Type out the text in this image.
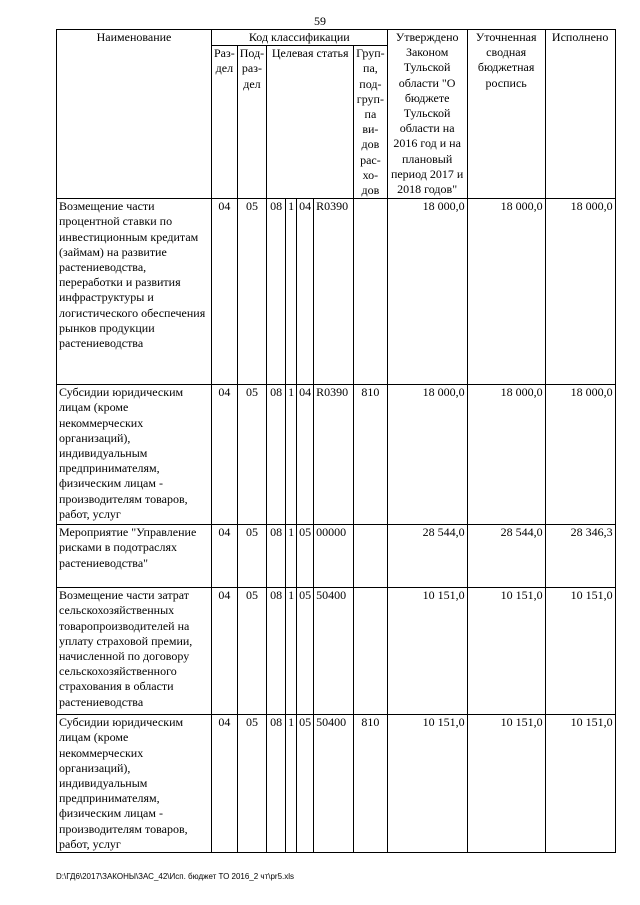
59
Наименование	Код классификации							Утверждено Законом Тульской области "О бюджете Тульской области на 2016 год и на плановый период 2017 и 2018 годов"	Уточненная сводная бюджетная роспись	Исполнено
	Раз- дел	Под- раз- дел	Целевая статья				Груп- па, под- груп- па ви- дов рас- хо- дов			
Возмещение части процентной ставки по инвестиционным кредитам (займам) на развитие растениеводства, переработки и развития инфраструктуры и логистического обеспечения рынков продукции растениеводства	04	05	08	1	04	R0390		18 000,0	18 000,0	18 000,0
Субсидии юридическим лицам (кроме некоммерческих организаций), индивидуальным предпринимателям, физическим лицам - производителям товаров, работ, услуг	04	05	08	1	04	R0390	810	18 000,0	18 000,0	18 000,0
Мероприятие "Управление рисками в подотраслях растениеводства"	04	05	08	1	05	00000		28 544,0	28 544,0	28 346,3
Возмещение части затрат сельскохозяйственных товаропроизводителей на уплату страховой премии, начисленной по договору сельскохозяйственного страхования в области растениеводства	04	05	08	1	05	50400		10 151,0	10 151,0	10 151,0
Субсидии юридическим лицам (кроме некоммерческих организаций), индивидуальным предпринимателям, физическим лицам - производителям товаров, работ, услуг	04	05	08	1	05	50400	810	10 151,0	10 151,0	10 151,0
D:\ГД6\2017\ЗАКОНЫ\ЗАС_42\Исп. бюджет ТО 2016_2 чт\pr5.xls
